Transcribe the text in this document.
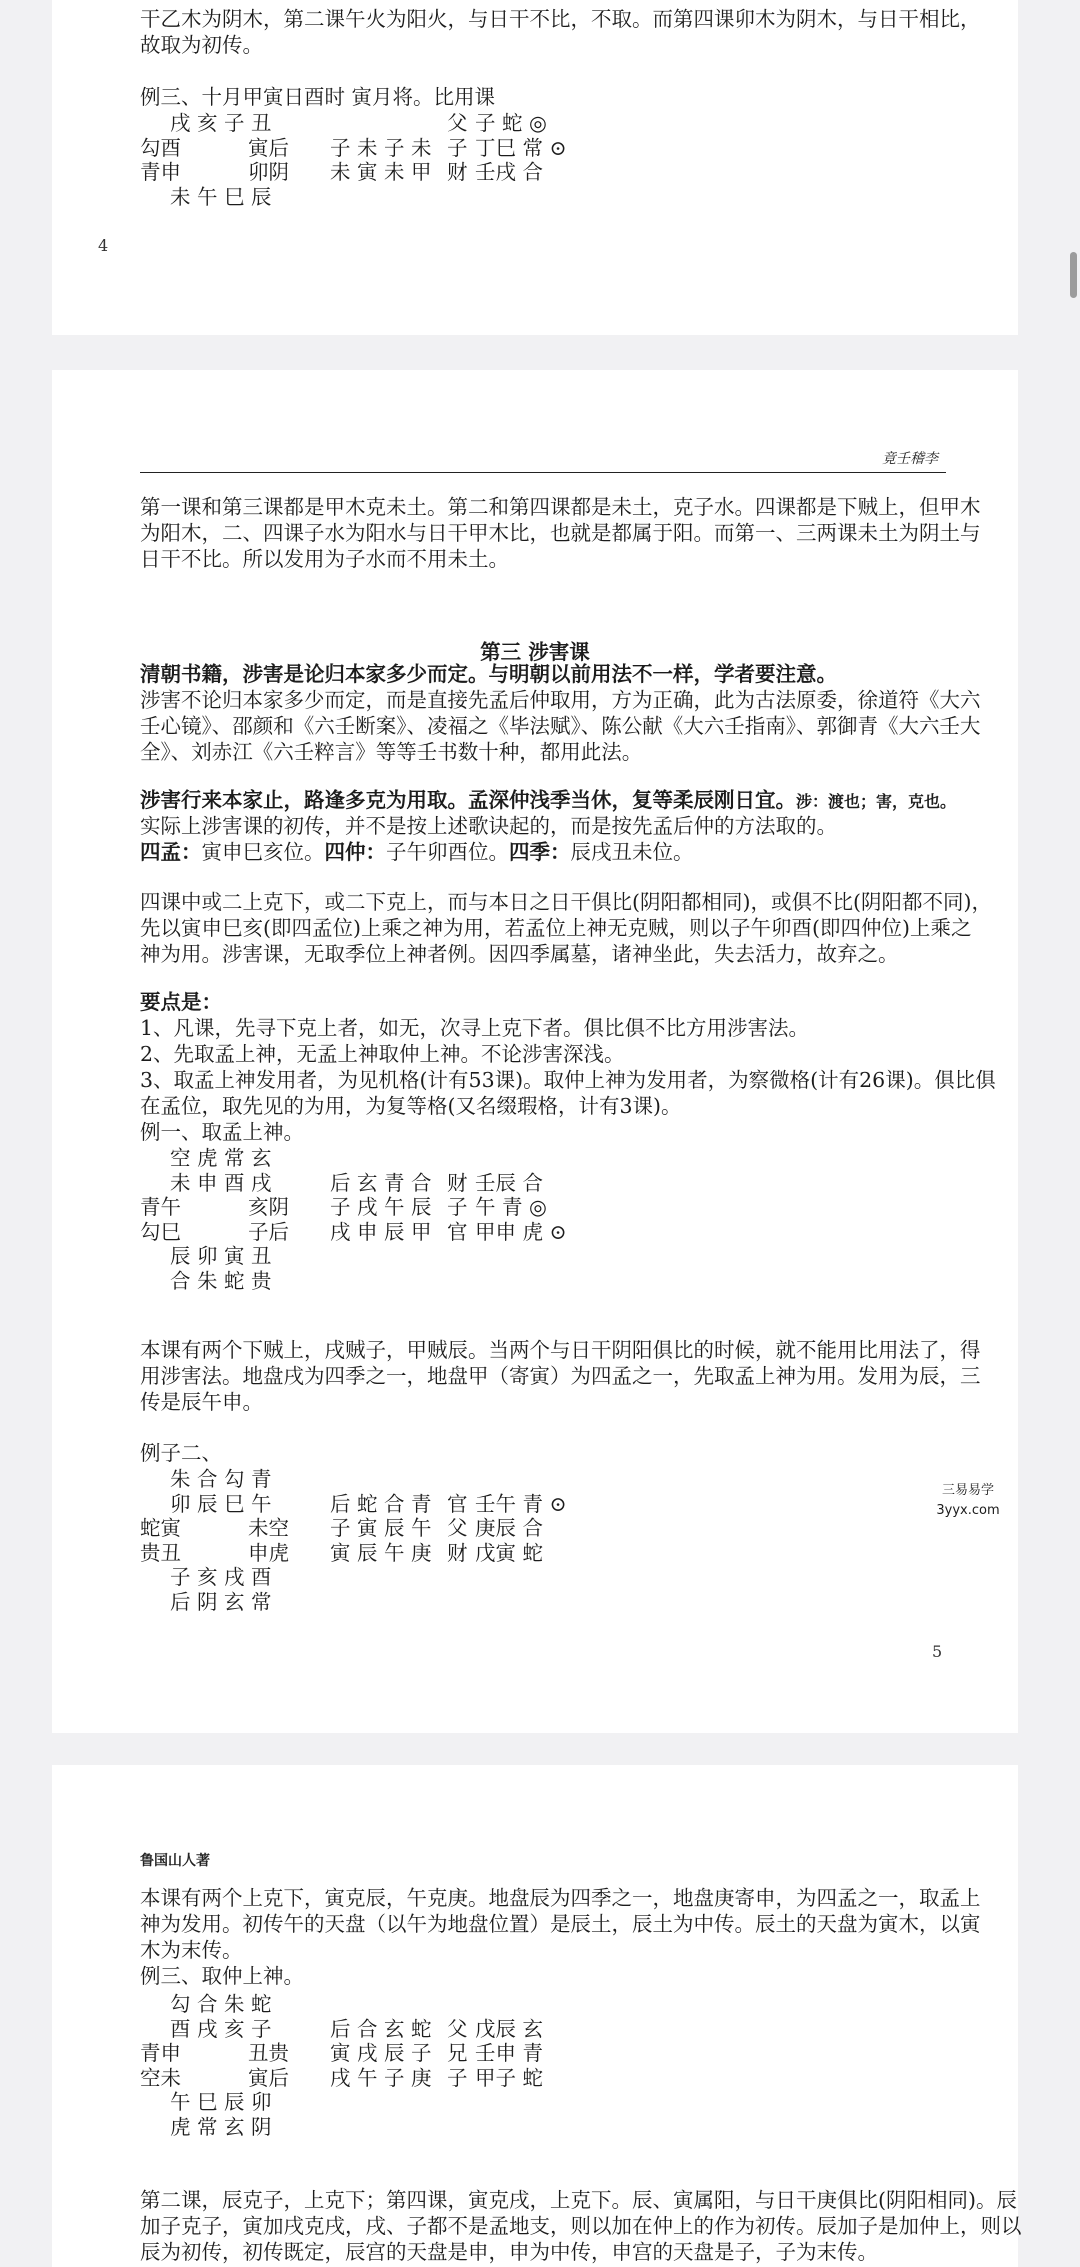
干乙木为阴木，第二课午火为阳火，与日干不比，不取。而第四课卯木为阴木，与日干相比，
故取为初传。
例三、十月甲寅日酉时 寅月将。比用课
戌 亥 子 丑	父 子 蛇 ◎
勾酉	寅后 子 未 子 未 子 丁巳 常 ⊙
青申	卯阴 未 寅 未 甲 财 壬戌 合
未 午 巳 辰
4
竟壬稽李
第一课和第三课都是甲木克未土。第二和第四课都是未土，克子水。四课都是下贼上，但甲木
为阳木，二、四课子水为阳水与日干甲木比，也就是都属于阳。而第一、三两课未土为阴土与
日干不比。所以发用为子水而不用未土。
第三 涉害课
清朝书籍，涉害是论归本家多少而定。与明朝以前用法不一样，学者要注意。
涉害不论归本家多少而定，而是直接先孟后仲取用，方为正确，此为古法原委，徐道符《大六
壬心镜》、邵颜和《六壬断案》、凌福之《毕法赋》、陈公献《大六壬指南》、郭御青《大六壬大
全》、刘赤江《六壬粹言》等等壬书数十种，都用此法。
涉害行来本家止，路逢多克为用取。孟深仲浅季当休，复等柔辰刚日宜。涉：渡也；害，克也。
实际上涉害课的初传，并不是按上述歌诀起的，而是按先孟后仲的方法取的。
四孟：寅申巳亥位。四仲：子午卯酉位。四季：辰戌丑未位。
四课中或二上克下，或二下克上，而与本日之日干俱比(阴阳都相同)，或俱不比(阴阳都不同)，
先以寅申巳亥(即四孟位)上乘之神为用，若孟位上神无克贼，则以子午卯酉(即四仲位)上乘之
神为用。涉害课，无取季位上神者例。因四季属墓，诸神坐此，失去活力，故弃之。
要点是：
1、凡课，先寻下克上者，如无，次寻上克下者。俱比俱不比方用涉害法。
2、先取孟上神，无孟上神取仲上神。不论涉害深浅。
3、取孟上神发用者，为见机格(计有53课)。取仲上神为发用者，为察微格(计有26课)。俱比俱
在孟位，取先见的为用，为复等格(又名缀瑕格，计有3课)。
例一、取孟上神。
空 虎 常 玄
未 申 酉 戌	后 玄 青 合 财 壬辰 合
青午	亥阴 子 戌 午 辰 子 午 青 ◎
勾巳	子后 戌 申 辰 甲 官 甲申 虎 ⊙
辰 卯 寅 丑
合 朱 蛇 贵
本课有两个下贼上，戌贼子，甲贼辰。当两个与日干阴阳俱比的时候，就不能用比用法了，得
用涉害法。地盘戌为四季之一，地盘甲（寄寅）为四孟之一，先取孟上神为用。发用为辰，三
传是辰午申。
例子二、
朱 合 勾 青
卯 辰 巳 午	后 蛇 合 青 官 壬午 青 ⊙
蛇寅	未空 子 寅 辰 午 父 庚辰 合
贵丑	申虎 寅 辰 午 庚 财 戊寅 蛇
子 亥 戌 酉
后 阴 玄 常
5
三易易学
3yyx.com
鲁国山人著
本课有两个上克下，寅克辰，午克庚。地盘辰为四季之一，地盘庚寄申，为四孟之一，取孟上
神为发用。初传午的天盘（以午为地盘位置）是辰土，辰土为中传。辰土的天盘为寅木，以寅
木为末传。
例三、取仲上神。
勾 合 朱 蛇
酉 戌 亥 子	后 合 玄 蛇 父 戊辰 玄
青申	丑贵 寅 戌 辰 子 兄 壬申 青
空未	寅后 戌 午 子 庚 子 甲子 蛇
午 巳 辰 卯
虎 常 玄 阴
第二课，辰克子，上克下；第四课，寅克戌，上克下。辰、寅属阳，与日干庚俱比(阴阳相同)。辰
加子克子，寅加戌克戌，戌、子都不是孟地支，则以加在仲上的作为初传。辰加子是加仲上，则以
辰为初传，初传既定，辰宫的天盘是申，申为中传，申宫的天盘是子，子为末传。
